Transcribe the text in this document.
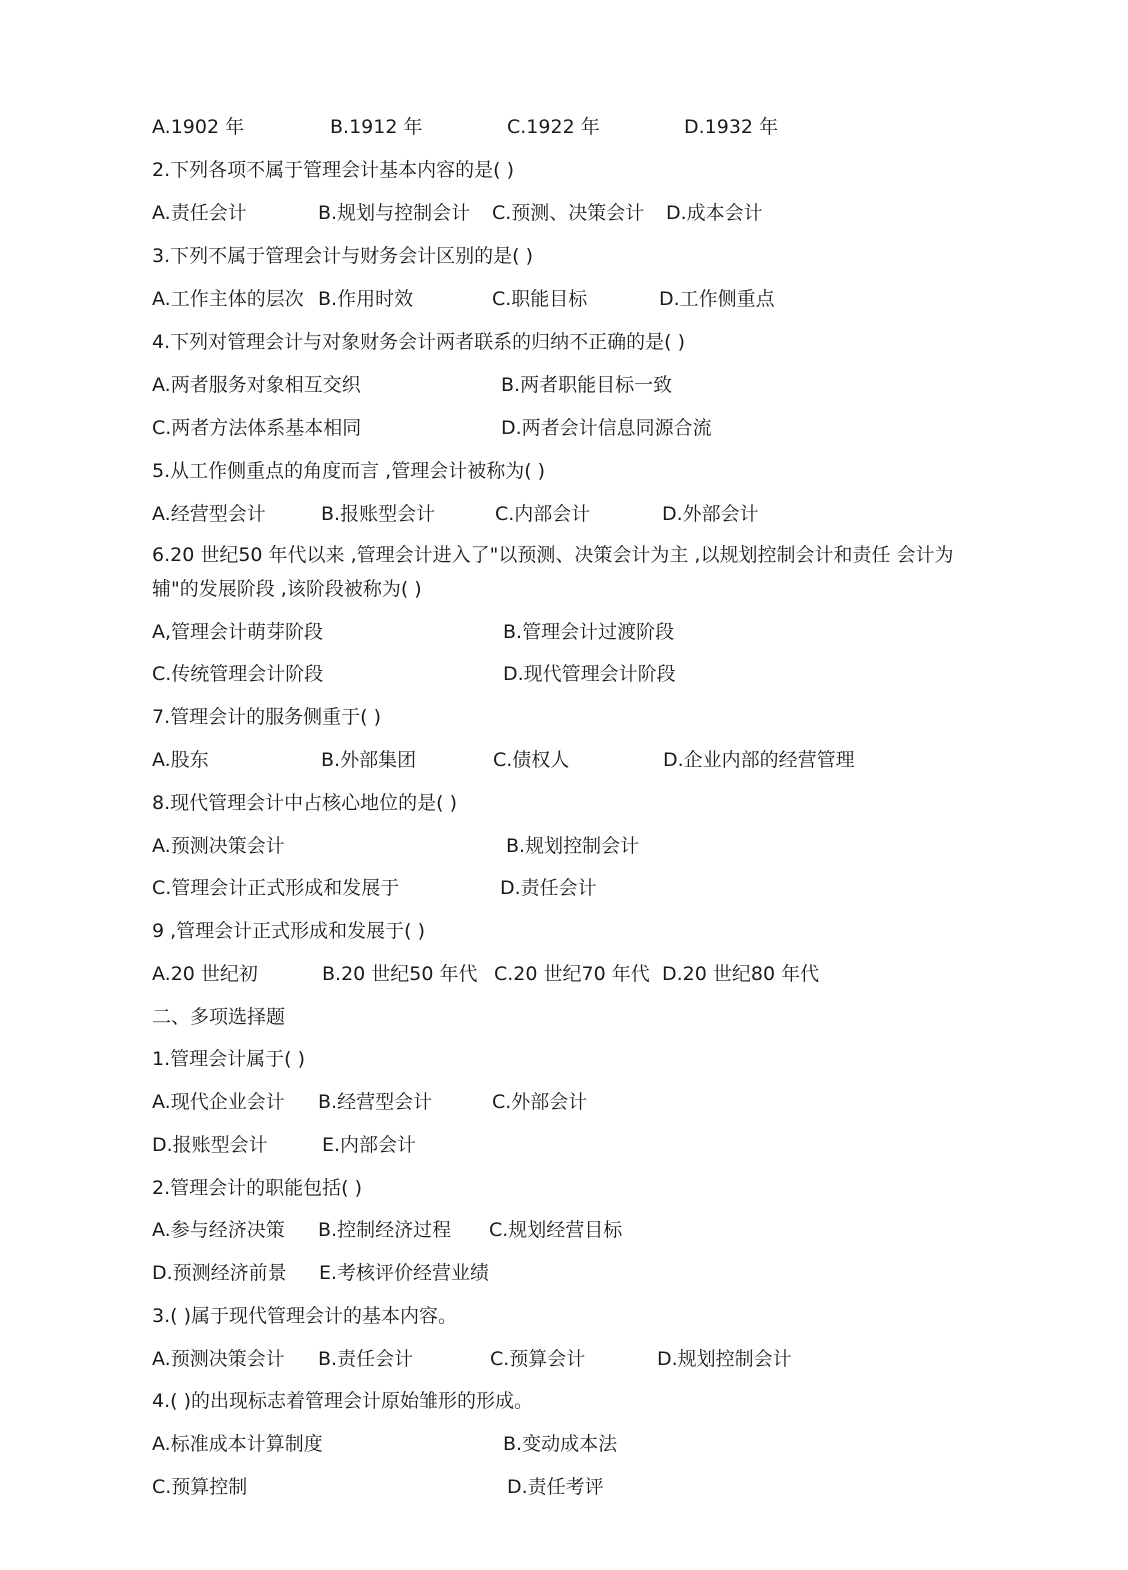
A.1902 年	B.1912 年	C.1922 年	D.1932 年
2.下列各项不属于管理会计基本内容的是( )
A.责任会计	B.规划与控制会计 C.预测、决策会计 D.成本会计
3.下列不属于管理会计与财务会计区别的是( )
A.工作主体的层次 B.作用时效	C.职能目标	D.工作侧重点
4.下列对管理会计与对象财务会计两者联系的归纳不正确的是( )
A.两者服务对象相互交织	B.两者职能目标一致
C.两者方法体系基本相同	D.两者会计信息同源合流
5.从工作侧重点的角度而言 ,管理会计被称为( )
A.经营型会计	B.报账型会计	C.内部会计	D.外部会计
6.20 世纪50 年代以来 ,管理会计进入了"以预测、决策会计为主 ,以规划控制会计和责任 会计为辅"的发展阶段 ,该阶段被称为( )
A,管理会计萌芽阶段	B.管理会计过渡阶段
C.传统管理会计阶段	D.现代管理会计阶段
7.管理会计的服务侧重于( )
A.股东	B.外部集团	C.债权人	D.企业内部的经营管理
8.现代管理会计中占核心地位的是( )
A.预测决策会计	B.规划控制会计
C.管理会计正式形成和发展于	D.责任会计
9 ,管理会计正式形成和发展于( )
A.20 世纪初	B.20 世纪50 年代 C.20 世纪70 年代 D.20 世纪80 年代
二、多项选择题
1.管理会计属于( )
A.现代企业会计 B.经营型会计	C.外部会计
D.报账型会计	E.内部会计
2.管理会计的职能包括( )
A.参与经济决策 B.控制经济过程 C.规划经营目标
D.预测经济前景 E.考核评价经营业绩
3.( )属于现代管理会计的基本内容。
A.预测决策会计 B.责任会计	C.预算会计	D.规划控制会计
4.( )的出现标志着管理会计原始雏形的形成。
A.标准成本计算制度	B.变动成本法
C.预算控制	D.责任考评
